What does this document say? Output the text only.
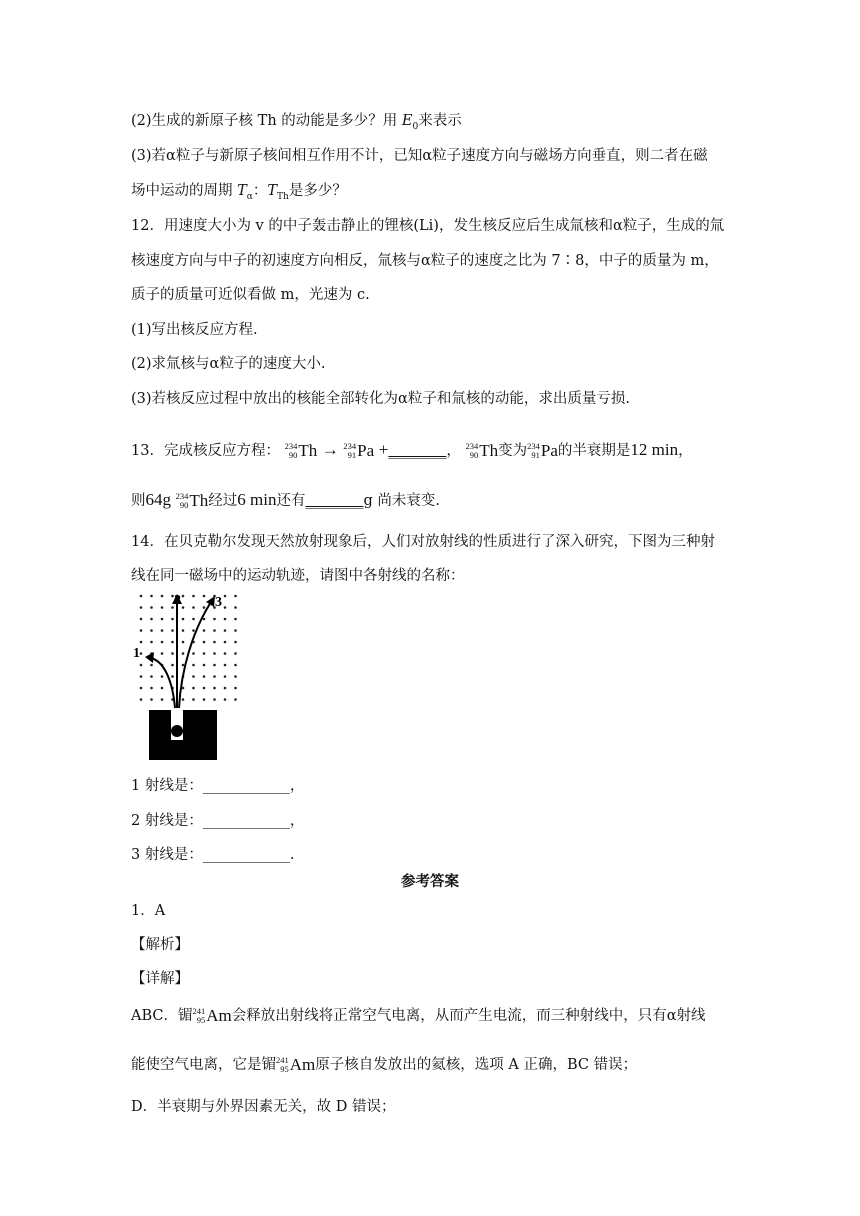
(2)生成的新原子核 Th 的动能是多少？用 $E_0$来表示
(3)若α粒子与新原子核间相互作用不计，已知α粒子速度方向与磁场方向垂直，则二者在磁
场中运动的周期 $T_\alpha$：$T_{Th}$是多少？
12．用速度大小为 v 的中子轰击静止的锂核(Li)，发生核反应后生成氚核和α粒子，生成的氚
核速度方向与中子的初速度方向相反，氚核与α粒子的速度之比为 7∶8，中子的质量为 m，
质子的质量可近似看做 m，光速为 c.
(1)写出核反应方程.
(2)求氚核与α粒子的速度大小.
(3)若核反应过程中放出的核能全部转化为α粒子和氚核的动能，求出质量亏损.
13．完成核反应方程： 234
90 Th → 234
91 Pa +________， 234
90 Th 变为 234
91 Pa 的半衰期是12 min，
则64g 234
90 Th 经过6 min还有________g 尚未衰变.
14．在贝克勒尔发现天然放射现象后，人们对放射线的性质进行了深入研究，下图为三种射
线在同一磁场中的运动轨迹，请图中各射线的名称：
1
2 3
1 射线是：____________，
2 射线是：____________，
3 射线是：____________.
参考答案
1．A
【解析】
【详解】
ABC．镅 241
95 Am 会释放出射线将正常空气电离，从而产生电流，而三种射线中，只有α射线
能使空气电离，它是镅 241
95 Am 原子核自发放出的氦核，选项 A 正确，BC 错误；
D．半衰期与外界因素无关，故 D 错误；
